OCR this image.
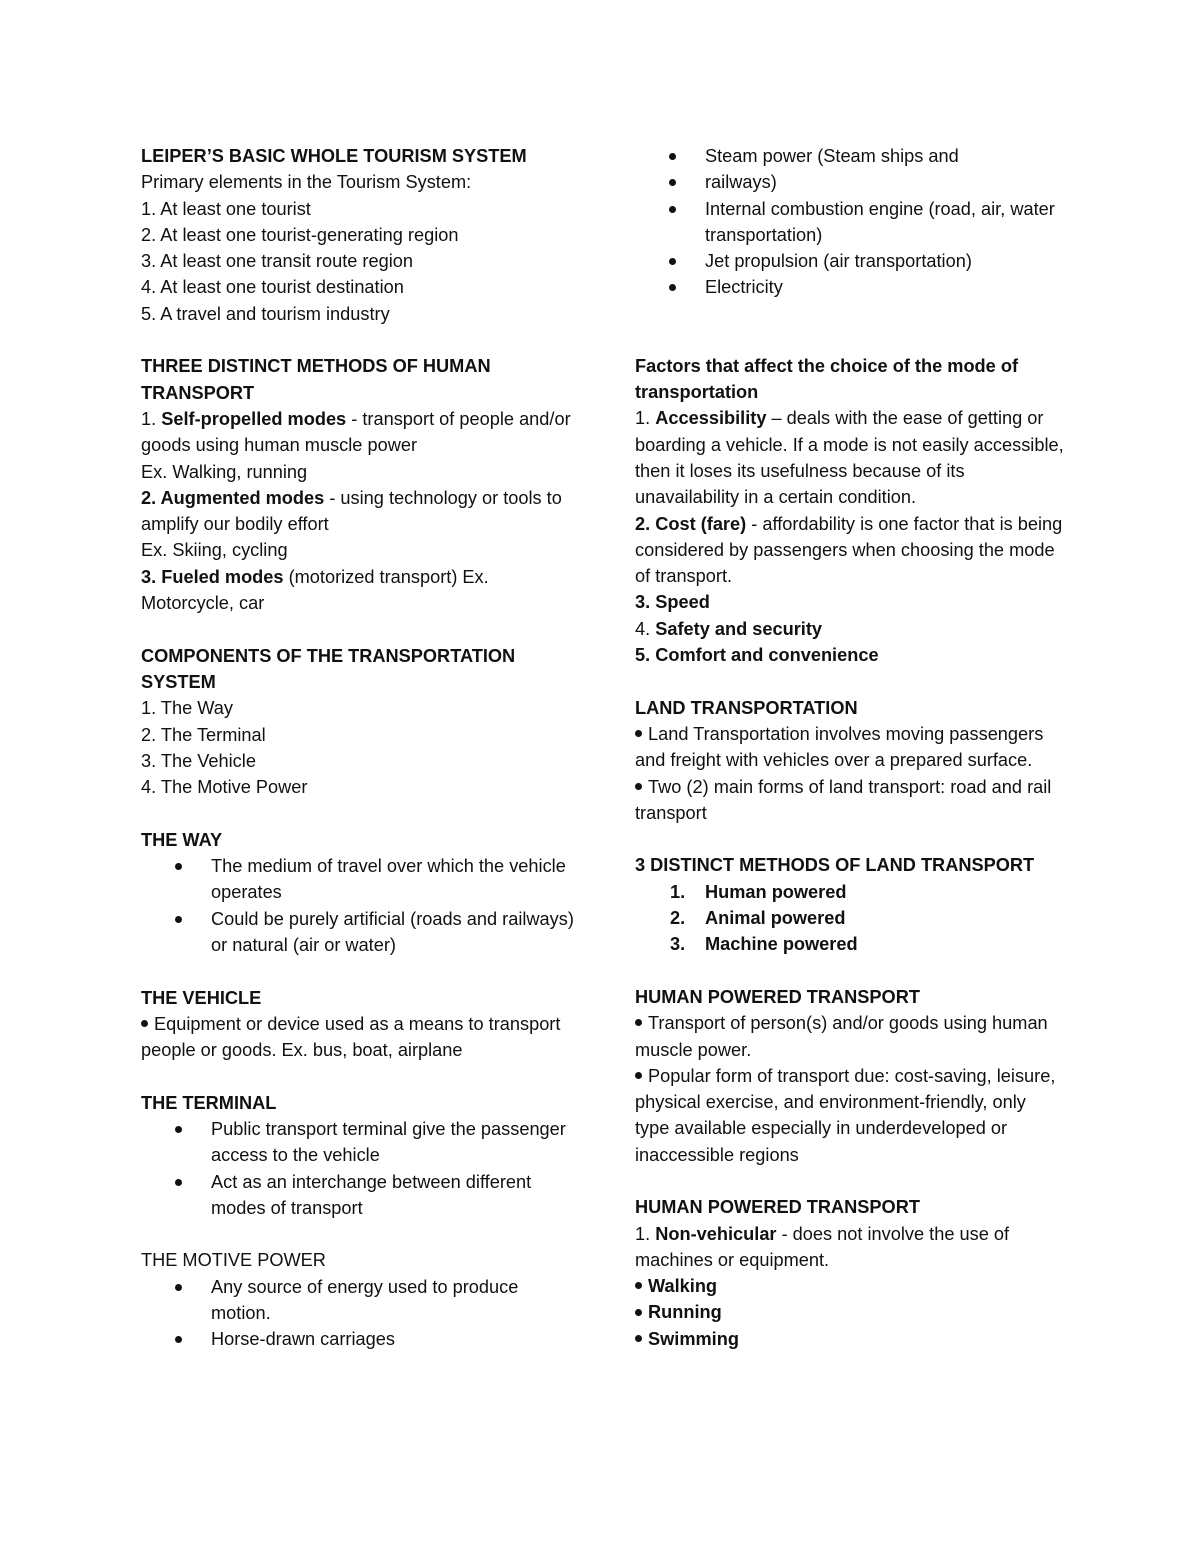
LEIPER’S BASIC WHOLE TOURISM SYSTEM

Primary elements in the Tourism System:

1. At least one tourist

2. At least one tourist-generating region

3. At least one transit route region

4. At least one tourist destination

5. A travel and tourism industry

THREE DISTINCT METHODS OF HUMAN TRANSPORT

1. Self-propelled modes - transport of people and/or goods using human muscle power

Ex. Walking, running

2. Augmented modes - using technology or tools to amplify our bodily effort

Ex. Skiing, cycling

3. Fueled modes (motorized transport) Ex. Motorcycle, car

COMPONENTS OF THE TRANSPORTATION SYSTEM

1. The Way

2. The Terminal

3. The Vehicle

4. The Motive Power

THE WAY

The medium of travel over which the vehicle operates
Could be purely artificial (roads and railways) or natural (air or water)

THE VEHICLE

Equipment or device used as a means to transport people or goods. Ex. bus, boat, airplane

THE TERMINAL

Public transport terminal give the passenger access to the vehicle
Act as an interchange between different modes of transport

THE MOTIVE POWER

Any source of energy used to produce motion.
Horse-drawn carriages
Steam power (Steam ships and
railways)
Internal combustion engine (road, air, water transportation)
Jet propulsion (air transportation)
Electricity

Factors that affect the choice of the mode of transportation

1. Accessibility – deals with the ease of getting or boarding a vehicle. If a mode is not easily accessible, then it loses its usefulness because of its unavailability in a certain condition.

2. Cost (fare) - affordability is one factor that is being considered by passengers when choosing the mode of transport.

3. Speed

4. Safety and security

5. Comfort and convenience

LAND TRANSPORTATION

Land Transportation involves moving passengers and freight with vehicles over a prepared surface.

Two (2) main forms of land transport: road and rail transport

3 DISTINCT METHODS OF LAND TRANSPORT

1. Human powered
2. Animal powered
3. Machine powered

HUMAN POWERED TRANSPORT

Transport of person(s) and/or goods using human muscle power.

Popular form of transport due: cost-saving, leisure, physical exercise, and environment-friendly, only type available especially in underdeveloped or inaccessible regions

HUMAN POWERED TRANSPORT

1. Non-vehicular - does not involve the use of machines or equipment.

Walking

Running

Swimming
